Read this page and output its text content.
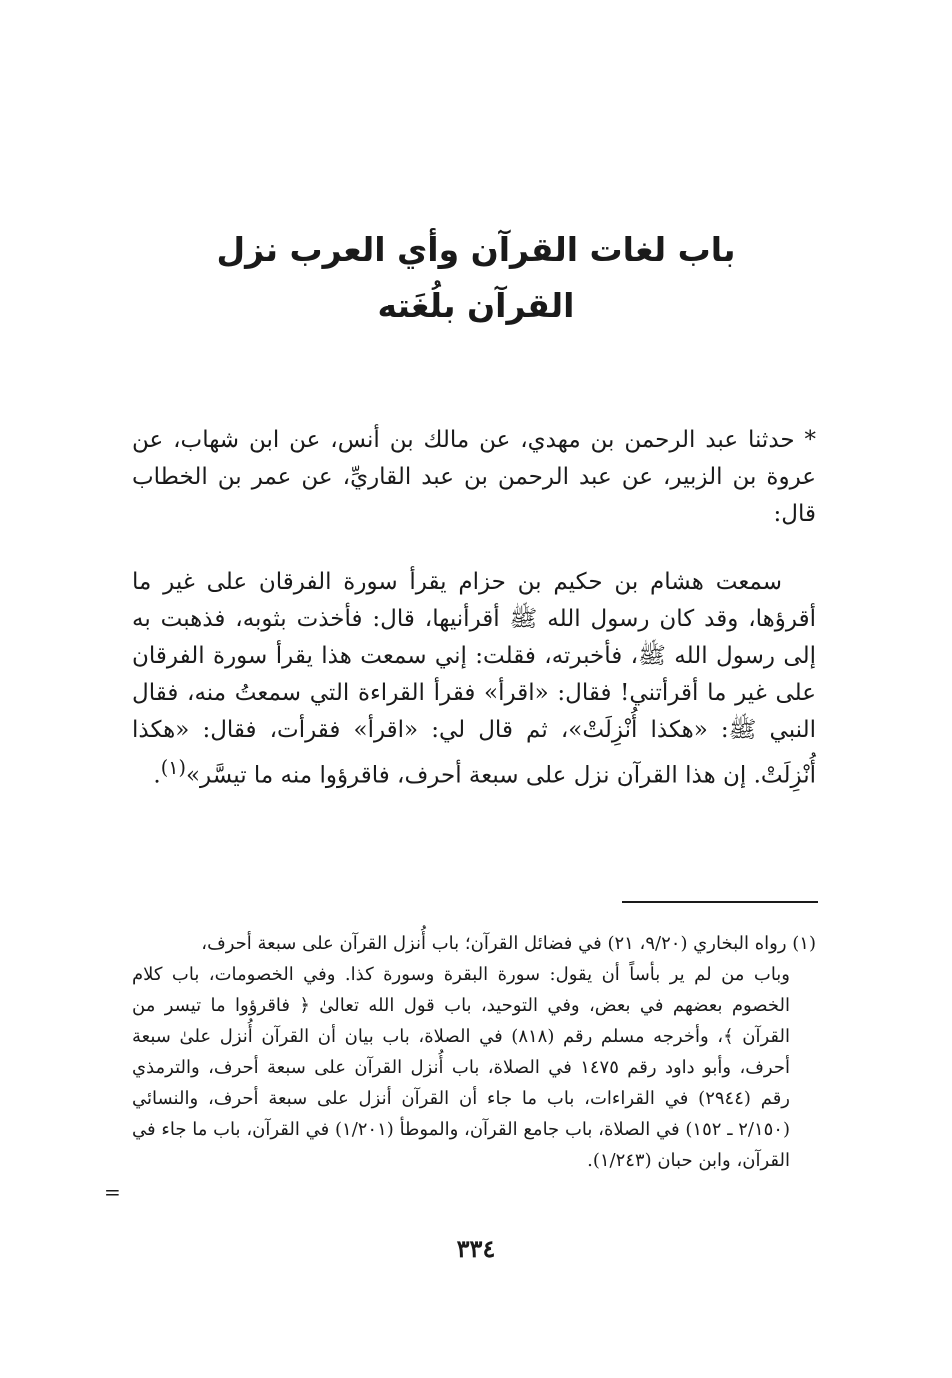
باب لغات القرآن وأي العرب نزل

القرآن بلُغَته

* حدثنا عبد الرحمن بن مهدي، عن مالك بن أنس، عن ابن شهاب، عن عروة بن الزبير، عن عبد الرحمن بن عبد القاريِّ، عن عمر بن الخطاب قال:

سمعت هشام بن حكيم بن حزام يقرأ سورة الفرقان على غير ما أقرؤها، وقد كان رسول الله ﷺ أقرأنيها، قال: فأخذت بثوبه، فذهبت به إلى رسول الله ﷺ، فأخبرته، فقلت: إني سمعت هذا يقرأ سورة الفرقان على غير ما أقرأتني! فقال: «اقرأ» فقرأ القراءة التي سمعتُ منه، فقال النبي ﷺ: «هكذا أُنْزِلَتْ»، ثم قال لي: «اقرأ» فقرأت، فقال: «هكذا أُنْزِلَتْ. إن هذا القرآن نزل على سبعة أحرف، فاقرؤوا منه ما تيسَّر»$^{(١)}$.

(١) رواه البخاري (٩/٢٠، ٢١) في فضائل القرآن؛ باب أُنزل القرآن على سبعة أحرف،
وباب من لم ير بأساً أن يقول: سورة البقرة وسورة كذا. وفي الخصومات، باب كلام الخصوم بعضهم في بعض، وفي التوحيد، باب قول الله تعالىٰ ﴿ فاقرؤوا ما تيسر من القرآن ﴾، وأخرجه مسلم رقم (٨١٨) في الصلاة، باب بيان أن القرآن أُنزل علىٰ سبعة أحرف، وأبو داود رقم ١٤٧٥ في الصلاة، باب أُنزل القرآن على سبعة أحرف، والترمذي رقم (٢٩٤٤) في القراءات، باب ما جاء أن القرآن أنزل على سبعة أحرف، والنسائي (٢/١٥٠ ـ ١٥٢) في الصلاة، باب جامع القرآن، والموطأ (١/٢٠١) في القرآن، باب ما جاء في القرآن، وابن حبان (١/٢٤٣).

=
٣٣٤
